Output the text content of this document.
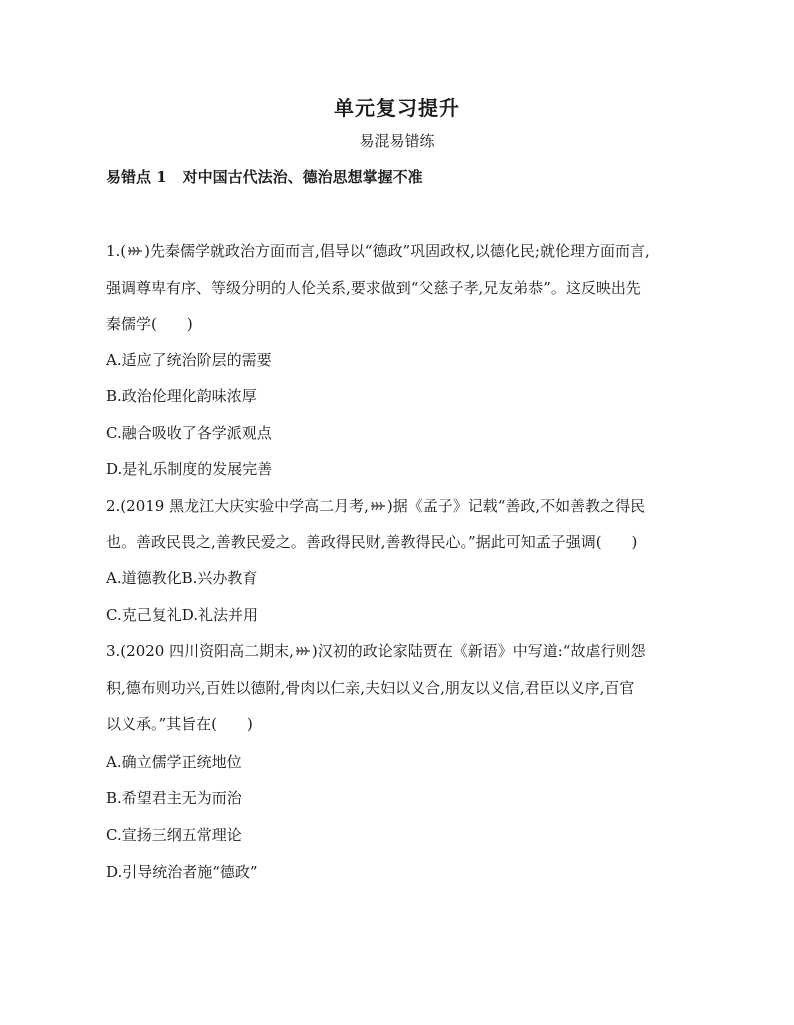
单元复习提升
易混易错练
易错点 1 对中国古代法治、德治思想掌握不准
1.( )先秦儒学就政治方面而言,倡导以“德政”巩固政权,以德化民;就伦理方面而言,
强调尊卑有序、等级分明的人伦关系,要求做到“父慈子孝,兄友弟恭”。这反映出先
秦儒学(　　)
A.适应了统治阶层的需要
B.政治伦理化韵味浓厚
C.融合吸收了各学派观点
D.是礼乐制度的发展完善
2.(2019 黑龙江大庆实验中学高二月考, )据《孟子》记载“善政,不如善教之得民
也。善政民畏之,善教民爱之。善政得民财,善教得民心。”据此可知孟子强调(　　)
A.道德教化B.兴办教育
C.克己复礼D.礼法并用
3.(2020 四川资阳高二期末, )汉初的政论家陆贾在《新语》中写道:“故虐行则怨
积,德布则功兴,百姓以德附,骨肉以仁亲,夫妇以义合,朋友以义信,君臣以义序,百官
以义承。”其旨在(　　)
A.确立儒学正统地位
B.希望君主无为而治
C.宣扬三纲五常理论
D.引导统治者施“德政”
